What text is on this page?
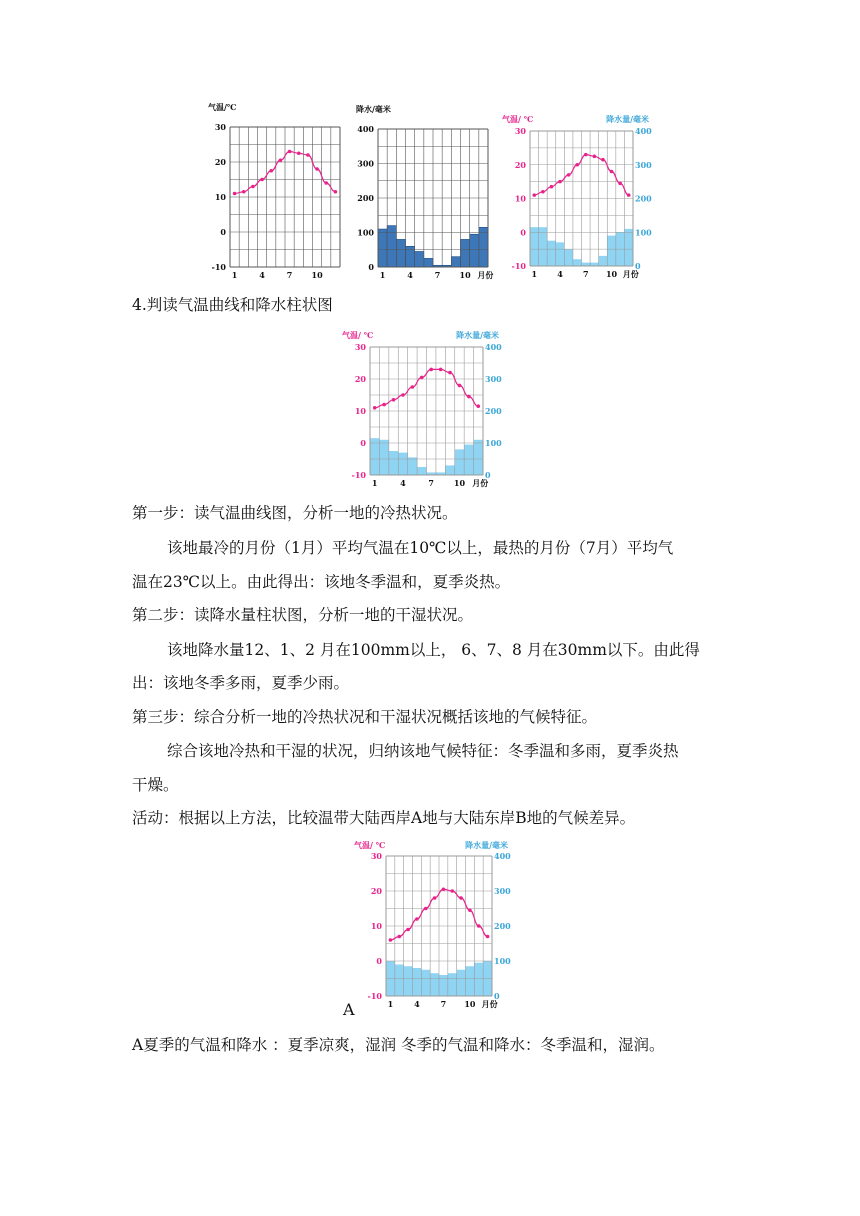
30
20
10
0
-10
气温/℃
1	4	7 10
400
300
200
100
0
降水/毫米
1	4	7 10 月份
30
20
10
0
-10
400
300
200
100
0
气温/ ℃	降水量/毫米
1	4	7 10 月份
4.判读气温曲线和降水柱状图
30
20
10
0
-10
400
300
200
100
0
气温/ ℃	降水量/毫米
1	4	7 10 月份
第一步：读气温曲线图，分析一地的冷热状况。
该地最冷的月份（1月）平均气温在10℃以上，最热的月份（7月）平均气
温在23℃以上。由此得出：该地冬季温和，夏季炎热。
第二步：读降水量柱状图，分析一地的干湿状况。
该地降水量12、1、2 月在100mm以上， 6、7、8 月在30mm以下。由此得
出：该地冬季多雨，夏季少雨。
第三步：综合分析一地的冷热状况和干湿状况概括该地的气候特征。
综合该地冷热和干湿的状况，归纳该地气候特征：冬季温和多雨，夏季炎热
干燥。
活动：根据以上方法，比较温带大陆西岸A地与大陆东岸B地的气候差异。
30
20
10
0
-10
400
300
200
100
0
气温/ ℃	降水量/毫米
1	4	7 10 月份
A
A夏季的气温和降水 ：夏季凉爽，湿润 冬季的气温和降水：冬季温和，湿润。
